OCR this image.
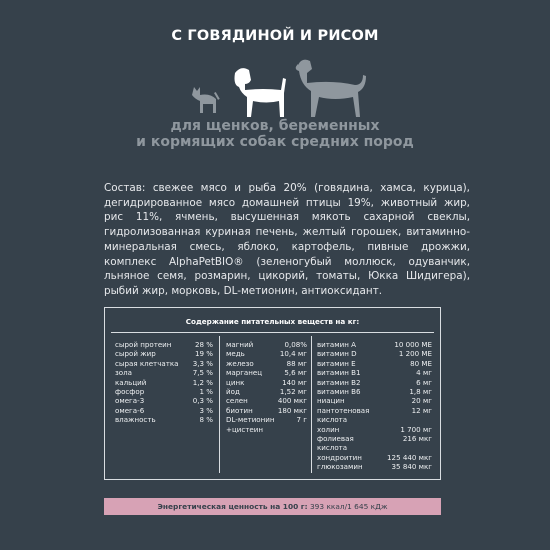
С ГОВЯДИНОЙ И РИСОМ
для щенков, беременных
и кормящих собак средних пород

Состав: свежее мясо и рыба 20% (говядина, хамса, курица), дегидрированное мясо домашней птицы 19%, животный жир, рис 11%, ячмень, высушенная мякоть сахарной свеклы, гидролизованная куриная печень, желтый горошек, витаминно-минеральная смесь, яблоко, картофель, пивные дрожжи, комплекс AlphaPetBIO® (зеленогубый моллюск, одуванчик, льняное семя, розмарин, цикорий, томаты, Юкка Шидигера), рыбий жир, морковь, DL-метионин, антиоксидант.

Содержание питательных веществ на кг:
сырой протеин	28 %
сырой жир	19 %
сырая клетчатка 3,3 %
зола	7,5 %
кальций	1,2 %
фосфор	1 %
омега-3	0,3 %
омега-6	3 %
влажность	8 %
магний	0,08%
медь	10,4 мг
железо	88 мг
марганец	5,6 мг
цинк	140 мг
йод	1,52 мг
селен	400 мкг
биотин	180 мкг
DL-метионин	7 г
+цистеин
витамин А	10 000 МЕ
витамин D	1 200 МЕ
витамин Е	80 МЕ
витамин В1	4 мг
витамин В2	6 мг
витамин В6	1,8 мг
ниацин	20 мг
пантотеновая кислота
12 мг
холин	1 700 мг
фолиевая кислота
216 мкг
хондроитин	125 440 мкг
глюкозамин	35 840 мкг
Энергетическая ценность на 100 г: 393 ккал/1 645 кДж
